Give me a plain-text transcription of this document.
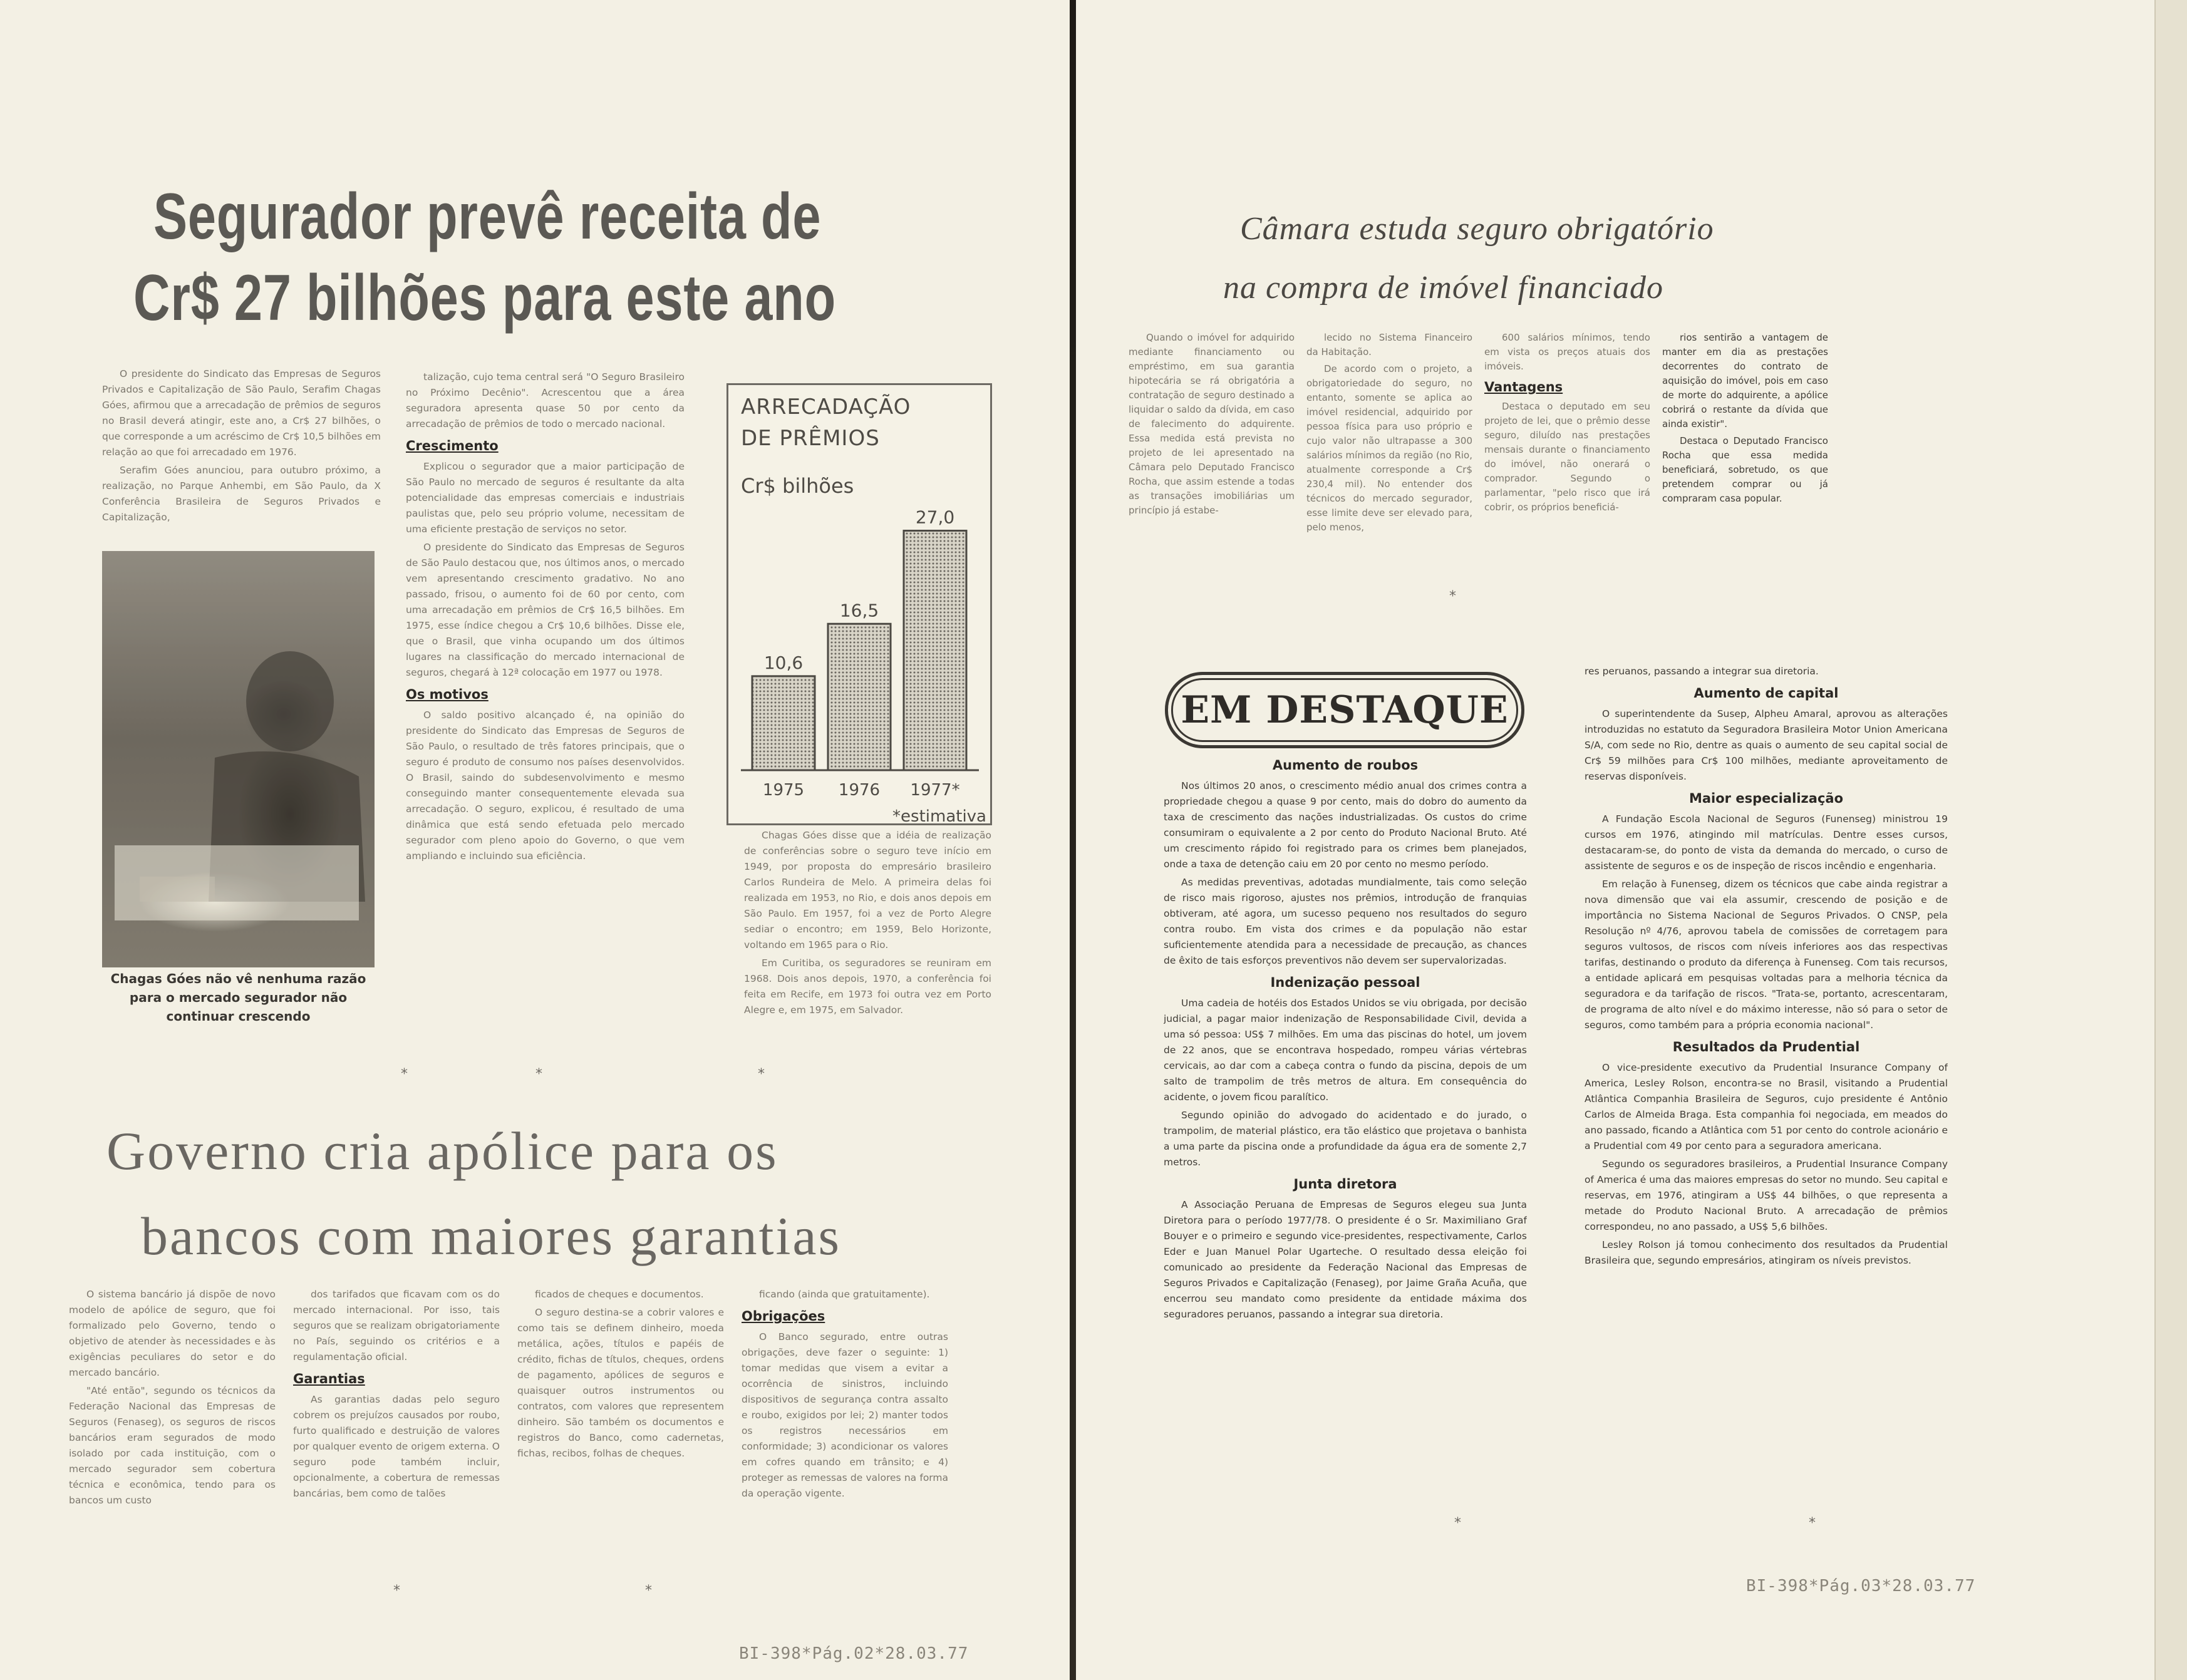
Segurador prevê receita de
Cr$ 27 bilhões para este ano

O presidente do Sindicato das Empresas de Seguros Privados e Capitalização de São Paulo, Serafim Chagas Góes, afirmou que a arrecadação de prêmios de seguros no Brasil deverá atingir, este ano, a Cr$ 27 bilhões, o que corresponde a um acréscimo de Cr$ 10,5 bilhões em relação ao que foi arrecadado em 1976.

Serafim Góes anunciou, para outubro próximo, a realização, no Parque Anhembi, em São Paulo, da X Conferência Brasileira de Seguros Privados e Capitalização,

Chagas Góes não vê nenhuma razão para o mercado segurador não continuar crescendo

talização, cujo tema central será "O Seguro Brasileiro no Próximo Decênio". Acrescentou que a área seguradora apresenta quase 50 por cento da arrecadação de prêmios de todo o mercado nacional.

Crescimento

Explicou o segurador que a maior participação de São Paulo no mercado de seguros é resultante da alta potencialidade das empresas comerciais e industriais paulistas que, pelo seu próprio volume, necessitam de uma eficiente prestação de serviços no setor.

O presidente do Sindicato das Empresas de Seguros de São Paulo destacou que, nos últimos anos, o mercado vem apresentando crescimento gradativo. No ano passado, frisou, o aumento foi de 60 por cento, com uma arrecadação em prêmios de Cr$ 16,5 bilhões. Em 1975, esse índice chegou a Cr$ 10,6 bilhões. Disse ele, que o Brasil, que vinha ocupando um dos últimos lugares na classificação do mercado internacional de seguros, chegará à 12ª colocação em 1977 ou 1978.

Os motivos

O saldo positivo alcançado é, na opinião do presidente do Sindicato das Empresas de Seguros de São Paulo, o resultado de três fatores principais, que o seguro é produto de consumo nos países desenvolvidos. O Brasil, saindo do subdesenvolvimento e mesmo conseguindo manter consequentemente elevada sua arrecadação. O seguro, explicou, é resultado de uma dinâmica que está sendo efetuada pelo mercado segurador com pleno apoio do Governo, o que vem ampliando e incluindo sua eficiência.

ARRECADAÇÃO DE PRÊMIOS
Cr$ bilhões
10,6
1975
16,5
1976
27,0
1977*
*estimativa

Chagas Góes disse que a idéia de realização de conferências sobre o seguro teve início em 1949, por proposta do empresário brasileiro Carlos Rundeira de Melo. A primeira delas foi realizada em 1953, no Rio, e dois anos depois em São Paulo. Em 1957, foi a vez de Porto Alegre sediar o encontro; em 1959, Belo Horizonte, voltando em 1965 para o Rio.

Em Curitiba, os seguradores se reuniram em 1968. Dois anos depois, 1970, a conferência foi feita em Recife, em 1973 foi outra vez em Porto Alegre e, em 1975, em Salvador.

*	*	*
Governo cria apólice para os
bancos com maiores garantias

O sistema bancário já dispõe de novo modelo de apólice de seguro, que foi formalizado pelo Governo, tendo o objetivo de atender às necessidades e às exigências peculiares do setor e do mercado bancário.

"Até então", segundo os técnicos da Federação Nacional das Empresas de Seguros (Fenaseg), os seguros de riscos bancários eram segurados de modo isolado por cada instituição, com o mercado segurador sem cobertura técnica e econômica, tendo para os bancos um custo

dos tarifados que ficavam com os do mercado internacional. Por isso, tais seguros que se realizam obrigatoriamente no País, seguindo os critérios e a regulamentação oficial.

Garantias

As garantias dadas pelo seguro cobrem os prejuízos causados por roubo, furto qualificado e destruição de valores por qualquer evento de origem externa. O seguro pode também incluir, opcionalmente, a cobertura de remessas bancárias, bem como de talões

ficados de cheques e documentos.

O seguro destina-se a cobrir valores e como tais se definem dinheiro, moeda metálica, ações, títulos e papéis de crédito, fichas de títulos, cheques, ordens de pagamento, apólices de seguros e quaisquer outros instrumentos ou contratos, com valores que representem dinheiro. São também os documentos e registros do Banco, como cadernetas, fichas, recibos, folhas de cheques.

ficando (ainda que gratuitamente).

Obrigações

O Banco segurado, entre outras obrigações, deve fazer o seguinte: 1) tomar medidas que visem a evitar a ocorrência de sinistros, incluindo dispositivos de segurança contra assalto e roubo, exigidos por lei; 2) manter todos os registros necessários em conformidade; 3) acondicionar os valores em cofres quando em trânsito; e 4) proteger as remessas de valores na forma da operação vigente.

*	*
BI-398*Pág.02*28.03.77
Câmara estuda seguro obrigatório
na compra de imóvel financiado

Quando o imóvel for adquirido mediante financiamento ou empréstimo, em sua garantia hipotecária se rá obrigatória a contratação de seguro destinado a liquidar o saldo da dívida, em caso de falecimento do adquirente. Essa medida está prevista no projeto de lei apresentado na Câmara pelo Deputado Francisco Rocha, que assim estende a todas as transações imobiliárias um princípio já estabe-

lecido no Sistema Financeiro da Habitação.

De acordo com o projeto, a obrigatoriedade do seguro, no entanto, somente se aplica ao imóvel residencial, adquirido por pessoa física para uso próprio e cujo valor não ultrapasse a 300 salários mínimos da região (no Rio, atualmente corresponde a Cr$ 230,4 mil). No entender dos técnicos do mercado segurador, esse limite deve ser elevado para, pelo menos,

600 salários mínimos, tendo em vista os preços atuais dos imóveis.

Vantagens

Destaca o deputado em seu projeto de lei, que o prêmio desse seguro, diluído nas prestações mensais durante o financiamento do imóvel, não onerará o comprador. Segundo o parlamentar, "pelo risco que irá cobrir, os próprios beneficiá-

rios sentirão a vantagem de manter em dia as prestações decorrentes do contrato de aquisição do imóvel, pois em caso de morte do adquirente, a apólice cobrirá o restante da dívida que ainda existir".

Destaca o Deputado Francisco Rocha que essa medida beneficiará, sobretudo, os que pretendem comprar ou já compraram casa popular.

*
EM DESTAQUE
Aumento de roubos

Nos últimos 20 anos, o crescimento médio anual dos crimes contra a propriedade chegou a quase 9 por cento, mais do dobro do aumento da taxa de crescimento das nações industrializadas. Os custos do crime consumiram o equivalente a 2 por cento do Produto Nacional Bruto. Até um crescimento rápido foi registrado para os crimes bem planejados, onde a taxa de detenção caiu em 20 por cento no mesmo período.

As medidas preventivas, adotadas mundialmente, tais como seleção de risco mais rigoroso, ajustes nos prêmios, introdução de franquias obtiveram, até agora, um sucesso pequeno nos resultados do seguro contra roubo. Em vista dos crimes e da população não estar suficientemente atendida para a necessidade de precaução, as chances de êxito de tais esforços preventivos não devem ser supervalorizadas.

Indenização pessoal

Uma cadeia de hotéis dos Estados Unidos se viu obrigada, por decisão judicial, a pagar maior indenização de Responsabilidade Civil, devida a uma só pessoa: US$ 7 milhões. Em uma das piscinas do hotel, um jovem de 22 anos, que se encontrava hospedado, rompeu várias vértebras cervicais, ao dar com a cabeça contra o fundo da piscina, depois de um salto de trampolim de três metros de altura. Em consequência do acidente, o jovem ficou paralítico.

Segundo opinião do advogado do acidentado e do jurado, o trampolim, de material plástico, era tão elástico que projetava o banhista a uma parte da piscina onde a profundidade da água era de somente 2,7 metros.

Junta diretora

A Associação Peruana de Empresas de Seguros elegeu sua Junta Diretora para o período 1977/78. O presidente é o Sr. Maximiliano Graf Bouyer e o primeiro e segundo vice-presidentes, respectivamente, Carlos Eder e Juan Manuel Polar Ugarteche. O resultado dessa eleição foi comunicado ao presidente da Federação Nacional das Empresas de Seguros Privados e Capitalização (Fenaseg), por Jaime Graña Acuña, que encerrou seu mandato como presidente da entidade máxima dos seguradores peruanos, passando a integrar sua diretoria.

res peruanos, passando a integrar sua diretoria.

Aumento de capital

O superintendente da Susep, Alpheu Amaral, aprovou as alterações introduzidas no estatuto da Seguradora Brasileira Motor Union Americana S/A, com sede no Rio, dentre as quais o aumento de seu capital social de Cr$ 59 milhões para Cr$ 100 milhões, mediante aproveitamento de reservas disponíveis.

Maior especialização

A Fundação Escola Nacional de Seguros (Funenseg) ministrou 19 cursos em 1976, atingindo mil matrículas. Dentre esses cursos, destacaram-se, do ponto de vista da demanda do mercado, o curso de assistente de seguros e os de inspeção de riscos incêndio e engenharia.

Em relação à Funenseg, dizem os técnicos que cabe ainda registrar a nova dimensão que vai ela assumir, crescendo de posição e de importância no Sistema Nacional de Seguros Privados. O CNSP, pela Resolução nº 4/76, aprovou tabela de comissões de corretagem para seguros vultosos, de riscos com níveis inferiores aos das respectivas tarifas, destinando o produto da diferença à Funenseg. Com tais recursos, a entidade aplicará em pesquisas voltadas para a melhoria técnica da seguradora e da tarifação de riscos. "Trata-se, portanto, acrescentaram, de programa de alto nível e do máximo interesse, não só para o setor de seguros, como também para a própria economia nacional".

Resultados da Prudential

O vice-presidente executivo da Prudential Insurance Company of America, Lesley Rolson, encontra-se no Brasil, visitando a Prudential Atlântica Companhia Brasileira de Seguros, cujo presidente é Antônio Carlos de Almeida Braga. Esta companhia foi negociada, em meados do ano passado, ficando a Atlântica com 51 por cento do controle acionário e a Prudential com 49 por cento para a seguradora americana.

Segundo os seguradores brasileiros, a Prudential Insurance Company of America é uma das maiores empresas do setor no mundo. Seu capital e reservas, em 1976, atingiram a US$ 44 bilhões, o que representa a metade do Produto Nacional Bruto. A arrecadação de prêmios correspondeu, no ano passado, a US$ 5,6 bilhões.

Lesley Rolson já tomou conhecimento dos resultados da Prudential Brasileira que, segundo empresários, atingiram os níveis previstos.

*	*
BI-398*Pág.03*28.03.77
